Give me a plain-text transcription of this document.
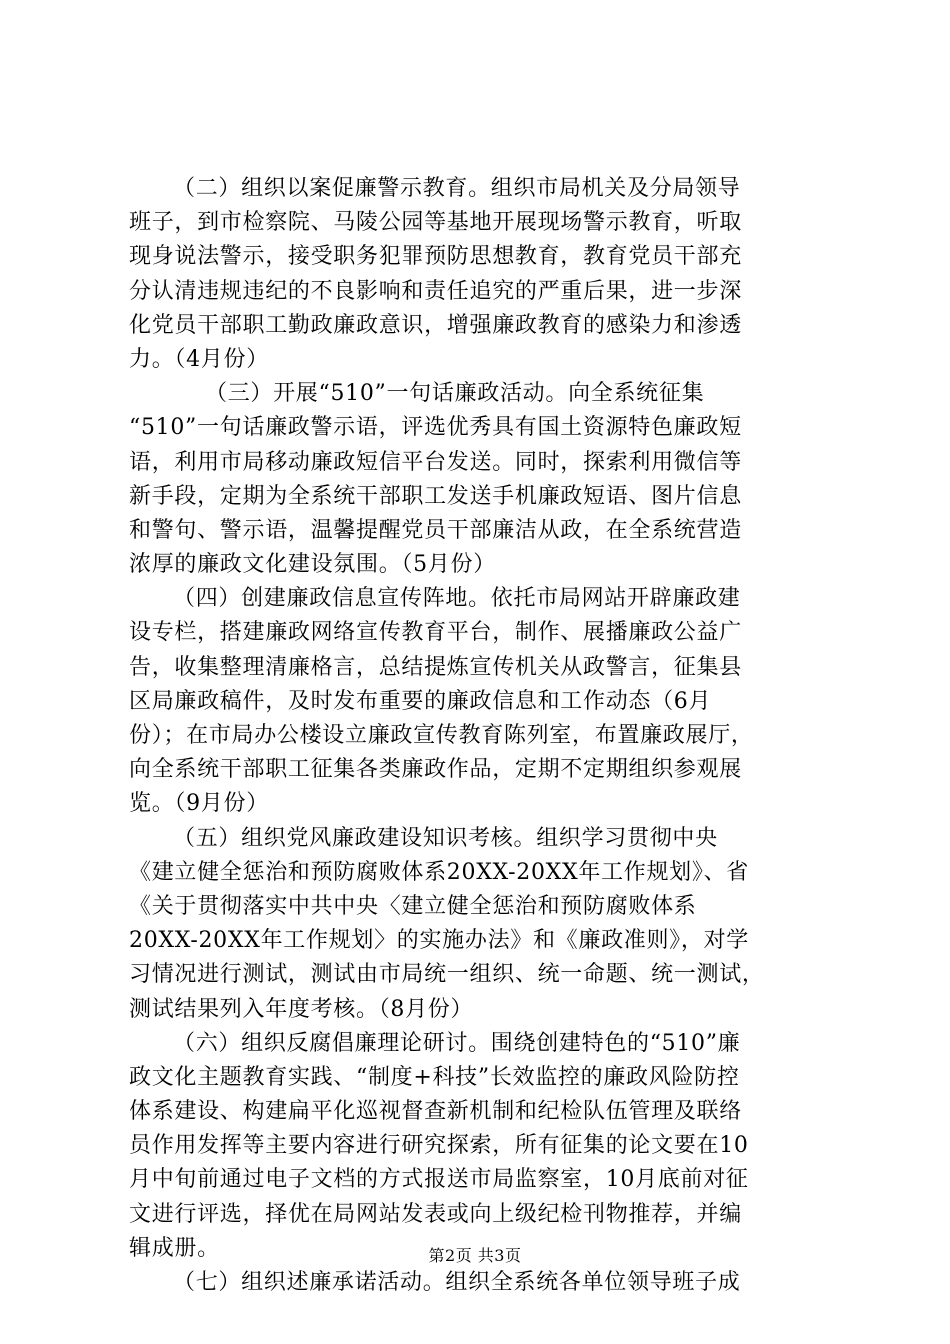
（二）组织以案促廉警示教育。组织市局机关及分局领导
班子，到市检察院、马陵公园等基地开展现场警示教育，听取
现身说法警示，接受职务犯罪预防思想教育，教育党员干部充
分认清违规违纪的不良影响和责任追究的严重后果，进一步深
化党员干部职工勤政廉政意识，增强廉政教育的感染力和渗透
力。（4月份）
（三）开展“510”一句话廉政活动。向全系统征集
“510”一句话廉政警示语，评选优秀具有国土资源特色廉政短
语，利用市局移动廉政短信平台发送。同时，探索利用微信等
新手段，定期为全系统干部职工发送手机廉政短语、图片信息
和警句、警示语，温馨提醒党员干部廉洁从政，在全系统营造
浓厚的廉政文化建设氛围。（5月份）
（四）创建廉政信息宣传阵地。依托市局网站开辟廉政建
设专栏，搭建廉政网络宣传教育平台，制作、展播廉政公益广
告，收集整理清廉格言，总结提炼宣传机关从政警言，征集县
区局廉政稿件，及时发布重要的廉政信息和工作动态（6月
份）；在市局办公楼设立廉政宣传教育陈列室，布置廉政展厅，
向全系统干部职工征集各类廉政作品，定期不定期组织参观展
览。（9月份）
（五）组织党风廉政建设知识考核。组织学习贯彻中央
《建立健全惩治和预防腐败体系20XX-20XX年工作规划》、省
《关于贯彻落实中共中央〈建立健全惩治和预防腐败体系
20XX-20XX年工作规划〉的实施办法》和《廉政准则》，对学
习情况进行测试，测试由市局统一组织、统一命题、统一测试，
测试结果列入年度考核。（8月份）
（六）组织反腐倡廉理论研讨。围绕创建特色的“510”廉
政文化主题教育实践、“制度+科技”长效监控的廉政风险防控
体系建设、构建扁平化巡视督查新机制和纪检队伍管理及联络
员作用发挥等主要内容进行研究探索，所有征集的论文要在10
月中旬前通过电子文档的方式报送市局监察室，10月底前对征
文进行评选，择优在局网站发表或向上级纪检刊物推荐，并编
辑成册。
（七）组织述廉承诺活动。组织全系统各单位领导班子成
第2页 共3页
